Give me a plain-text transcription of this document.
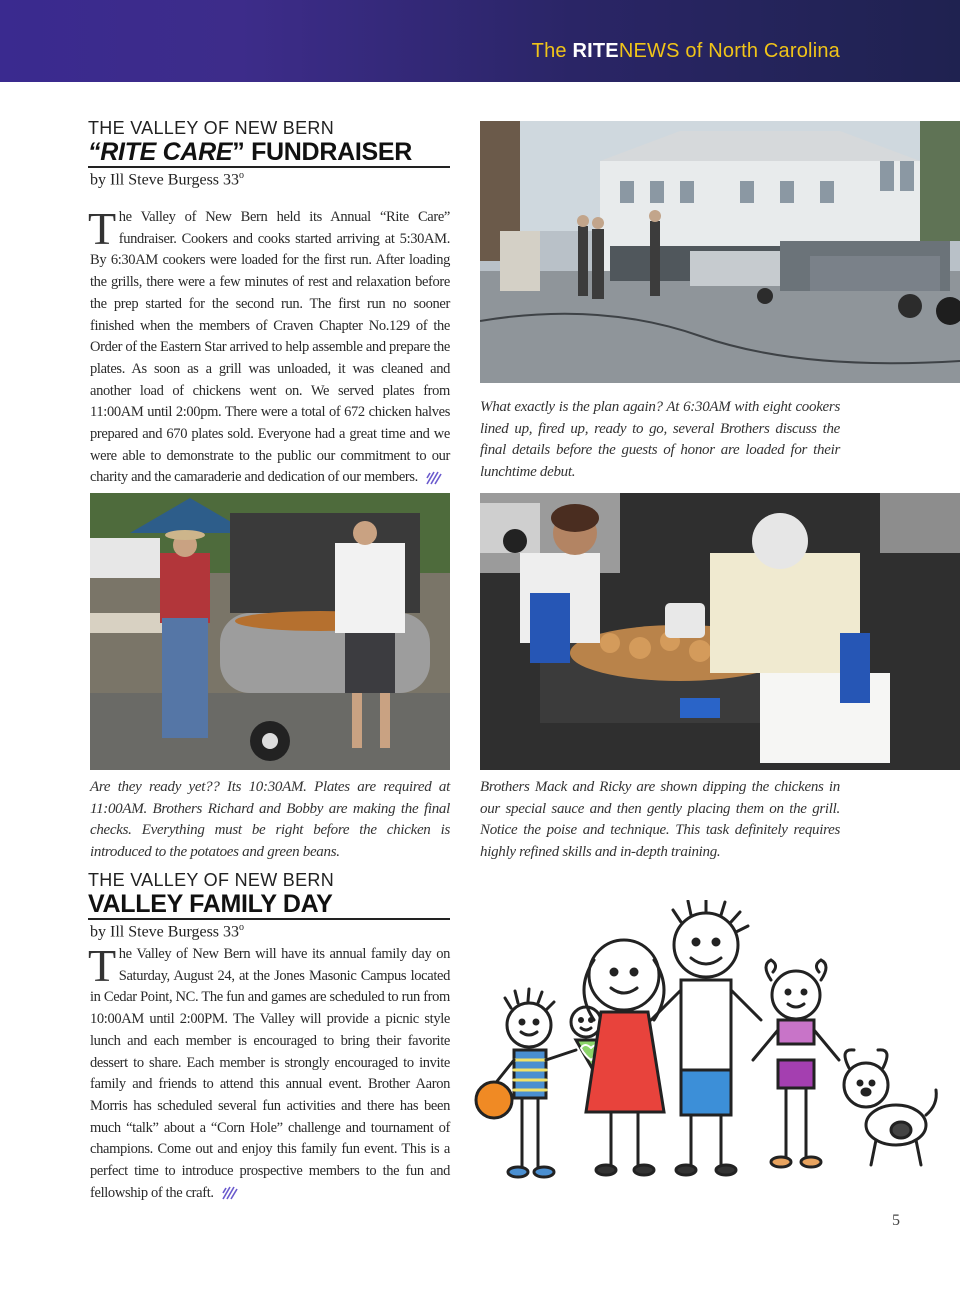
The RITENEWS of North Carolina
THE VALLEY OF NEW BERN
“RITE CARE” FUNDRAISER
by Ill Steve Burgess 33$^o$
The Valley of New Bern held its Annual “Rite Care” fundraiser. Cookers and cooks started arriving at 5:30AM. By 6:30AM cookers were loaded for the first run. After loading the grills, there were a few minutes of rest and relaxation before the prep started for the second run. The first run no sooner finished when the members of Craven Chapter No.129 of the Order of the Eastern Star arrived to help assemble and prepare the plates. As soon as a grill was unloaded, it was cleaned and another load of chickens went on. We served plates from 11:00AM until 2:00pm. There were a total of 672 chicken halves prepared and 670 plates sold. Everyone had a great time and we were able to demonstrate to the public our commitment to our charity and the camaraderie and dedication of our members.
What exactly is the plan again? At 6:30AM with eight cookers lined up, fired up, ready to go, several Brothers discuss the final details before the guests of honor are loaded for their lunchtime debut.
Are they ready yet?? Its 10:30AM. Plates are required at 11:00AM. Brothers Richard and Bobby are making the final checks. Everything must be right before the chicken is introduced to the potatoes and green beans.
Brothers Mack and Ricky are shown dipping the chickens in our special sauce and then gently placing them on the grill. Notice the poise and technique. This task definitely requires highly refined skills and in-depth training.
THE VALLEY OF NEW BERN
VALLEY FAMILY DAY
by Ill Steve Burgess 33$^o$
The Valley of New Bern will have its annual family day on Saturday, August 24, at the Jones Masonic Campus located in Cedar Point, NC. The fun and games are scheduled to run from 10:00AM until 2:00PM. The Valley will provide a picnic style lunch and each member is encouraged to bring their favorite dessert to share. Each member is strongly encouraged to invite family and friends to attend this annual event. Brother Aaron Morris has scheduled several fun activities and there has been much “talk” about a “Corn Hole” challenge and tournament of champions. Come out and enjoy this family fun event. This is a perfect time to introduce prospective members to the fun and fellowship of the craft.
5
